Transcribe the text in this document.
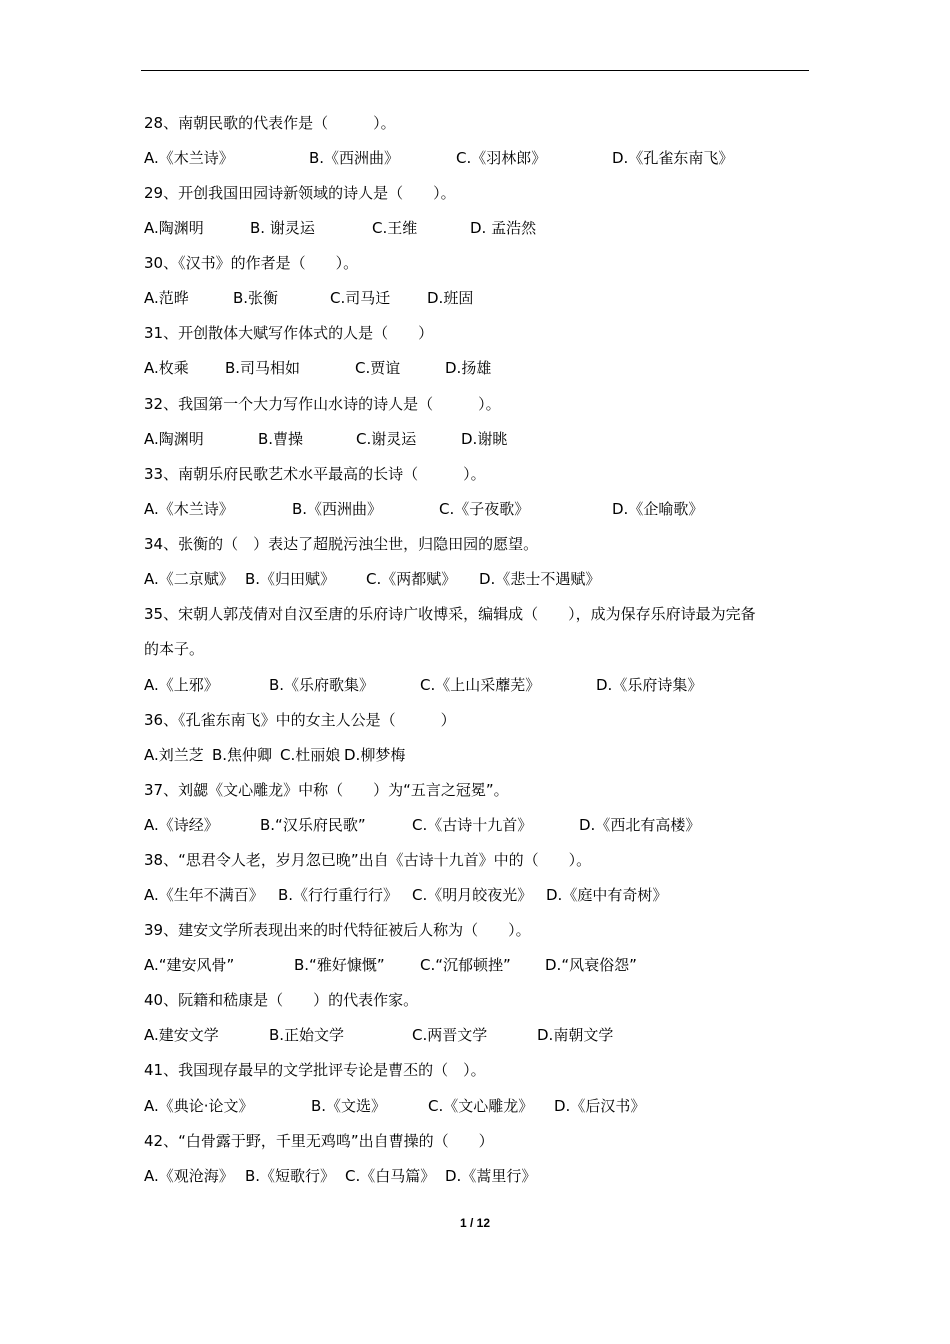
28、南朝民歌的代表作是（　　　）。
A.《木兰诗》	B.《西洲曲》	C.《羽林郎》	D.《孔雀东南飞》
29、开创我国田园诗新领域的诗人是（　　）。
A.陶渊明	B. 谢灵运	C.王维	D. 孟浩然
30、《汉书》的作者是（　　）。
A.范晔	B.张衡	C.司马迁 D.班固
31、开创散体大赋写作体式的人是（　　）
A.枚乘 B.司马相如	C.贾谊	D.扬雄
32、我国第一个大力写作山水诗的诗人是（　　　）。
A.陶渊明	B.曹操	C.谢灵运	D.谢眺
33、南朝乐府民歌艺术水平最高的长诗（　　　）。
A.《木兰诗》	B.《西洲曲》	C.《子夜歌》	D.《企喻歌》
34、张衡的（　）表达了超脱污浊尘世，归隐田园的愿望。
A.《二京赋》 B.《归田赋》 C.《两都赋》 D.《悲士不遇赋》
35、宋朝人郭茂倩对自汉至唐的乐府诗广收博采，编辑成（　　），成为保存乐府诗最为完备
的本子。
A.《上邪》	B.《乐府歌集》	C.《上山采蘼芜》	D.《乐府诗集》
36、《孔雀东南飞》中的女主人公是（　　　）
A.刘兰芝 B.焦仲卿 C.杜丽娘 D.柳梦梅
37、刘勰《文心雕龙》中称（　　）为“五言之冠冕”。
A.《诗经》	B.“汉乐府民歌”	C.《古诗十九首》	D.《西北有高楼》
38、“思君令人老，岁月忽已晚”出自《古诗十九首》中的（　　）。
A.《生年不满百》 B.《行行重行行》 C.《明月皎夜光》 D.《庭中有奇树》
39、建安文学所表现出来的时代特征被后人称为（　　）。
A.“建安风骨”	B.“雅好慷慨” C.“沉郁顿挫” D.“风衰俗怨”
40、阮籍和嵇康是（　　）的代表作家。
A.建安文学	B.正始文学	C.两晋文学	D.南朝文学
41、我国现存最早的文学批评专论是曹丕的（　）。
A.《典论·论文》	B.《文选》	C.《文心雕龙》 D.《后汉书》
42、“白骨露于野，千里无鸡鸣”出自曹操的（　　）
A.《观沧海》 B.《短歌行》 C.《白马篇》 D.《蒿里行》
1 / 12
